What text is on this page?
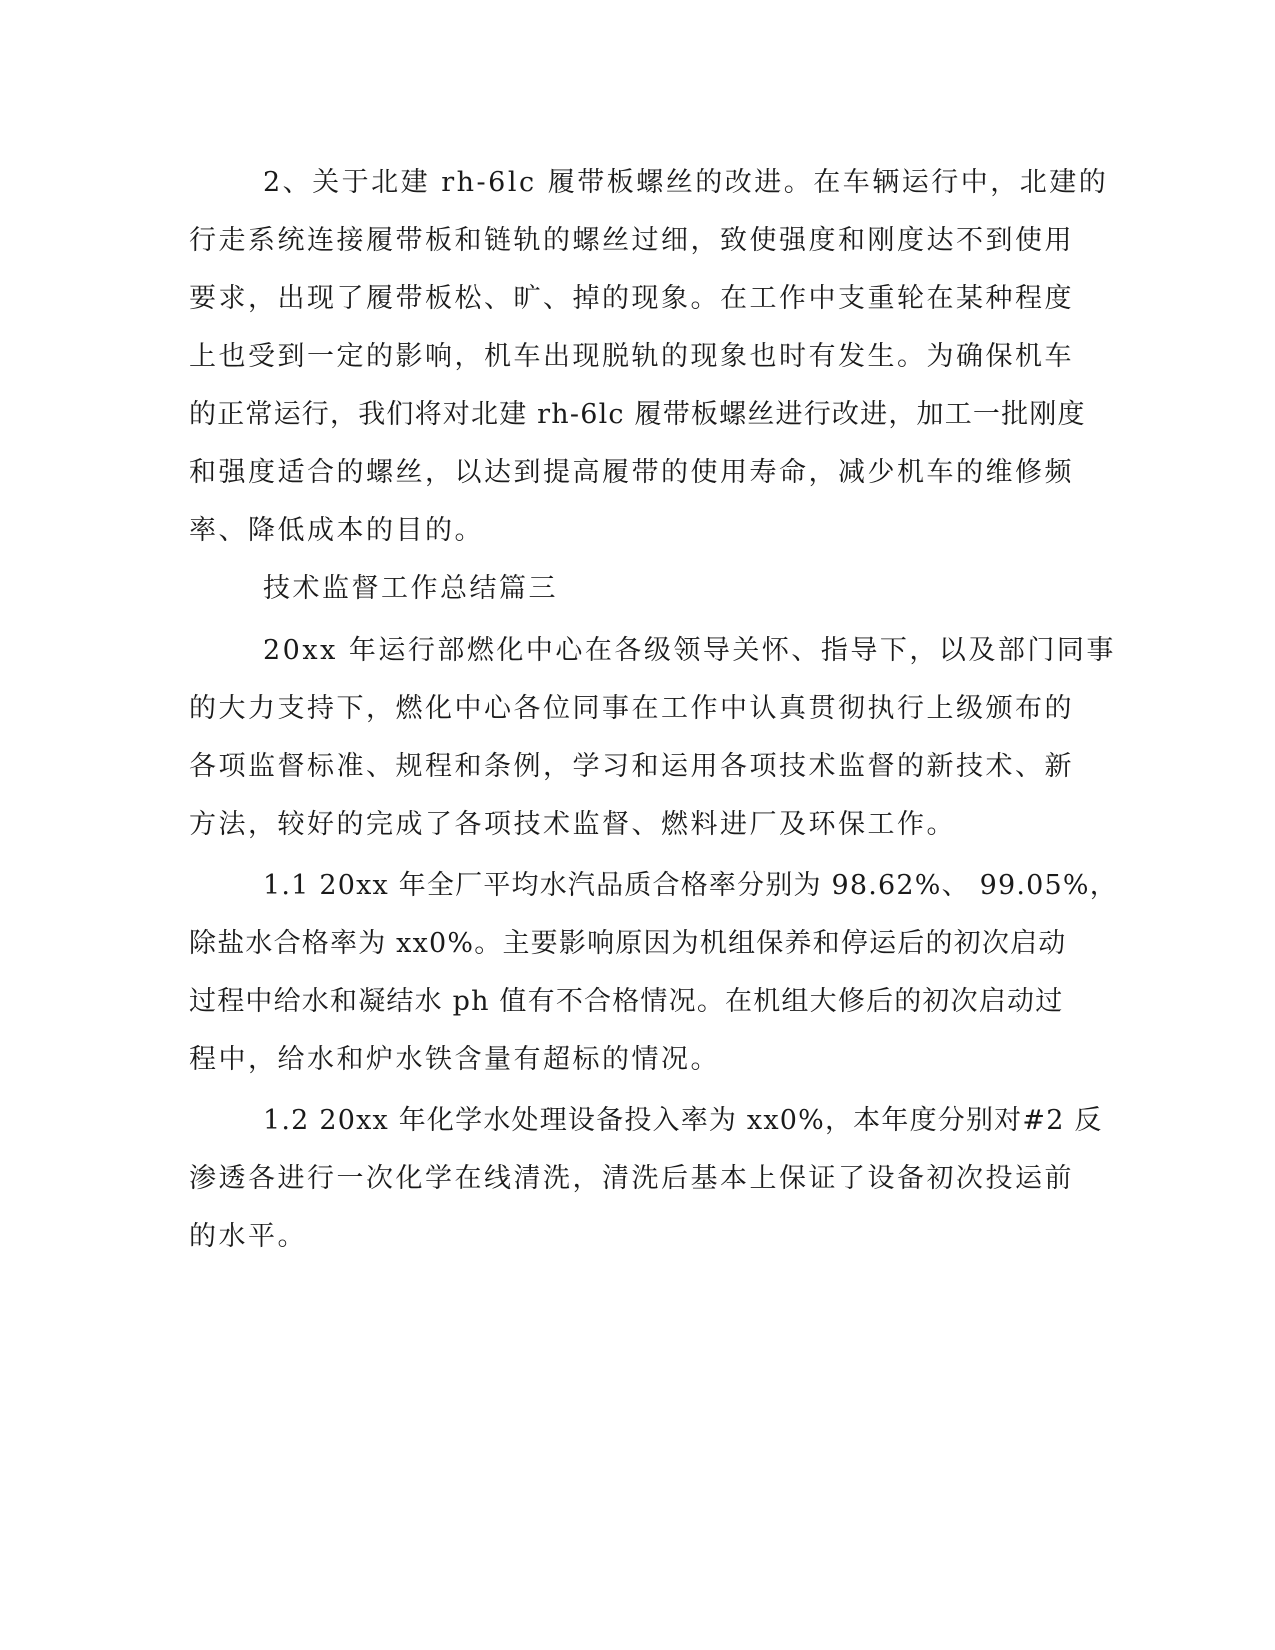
2、关于北建 rh-6lc 履带板螺丝的改进。在车辆运行中，北建的
行走系统连接履带板和链轨的螺丝过细，致使强度和刚度达不到使用
要求，出现了履带板松、旷、掉的现象。在工作中支重轮在某种程度
上也受到一定的影响，机车出现脱轨的现象也时有发生。为确保机车
的正常运行，我们将对北建 rh-6lc 履带板螺丝进行改进，加工一批刚度
和强度适合的螺丝，以达到提高履带的使用寿命，减少机车的维修频
率、降低成本的目的。
技术监督工作总结篇三
20xx 年运行部燃化中心在各级领导关怀、指导下，以及部门同事
的大力支持下，燃化中心各位同事在工作中认真贯彻执行上级颁布的
各项监督标准、规程和条例，学习和运用各项技术监督的新技术、新
方法，较好的完成了各项技术监督、燃料进厂及环保工作。
1.1 20xx 年全厂平均水汽品质合格率分别为 98.62%、 99.05%，
除盐水合格率为 xx0%。主要影响原因为机组保养和停运后的初次启动
过程中给水和凝结水 ph 值有不合格情况。在机组大修后的初次启动过
程中，给水和炉水铁含量有超标的情况。
1.2 20xx 年化学水处理设备投入率为 xx0%，本年度分别对#2 反
渗透各进行一次化学在线清洗，清洗后基本上保证了设备初次投运前
的水平。
